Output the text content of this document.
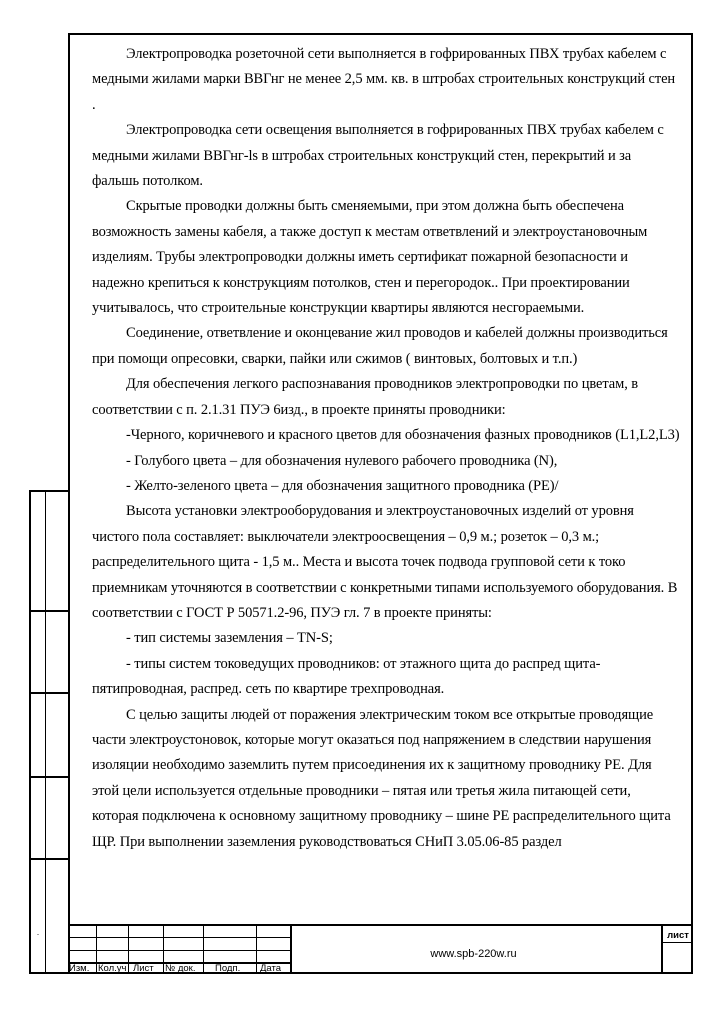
Электропроводка розеточной сети выполняется в гофрированных ПВХ трубах кабелем с медными жилами марки ВВГнг не менее 2,5 мм. кв. в штробах строительных конструкций стен .

Электропроводка сети освещения выполняется в гофрированных ПВХ трубах кабелем с медными жилами ВВГнг-ls в штробах строительных конструкций стен, перекрытий и за фальшь потолком.

Скрытые проводки должны быть сменяемыми, при этом должна быть обеспечена возможность замены кабеля, а также доступ к местам ответвлений и электроустановочным изделиям. Трубы электропроводки должны иметь сертификат пожарной безопасности и надежно крепиться к конструкциям потолков, стен и перегородок.. При проектировании учитывалось, что строительные конструкции квартиры являются несгораемыми.

Соединение, ответвление и оконцевание жил проводов и кабелей должны производиться при помощи опресовки, сварки, пайки или сжимов ( винтовых, болтовых и т.п.)

Для обеспечения легкого распознавания проводников электропроводки по цветам, в соответствии с п. 2.1.31 ПУЭ 6изд., в проекте приняты проводники:

-Черного, коричневого и красного цветов для обозначения фазных проводников (L1,L2,L3)

- Голубого цвета – для обозначения нулевого рабочего проводника (N),

- Желто-зеленого цвета – для обозначения защитного проводника (PE)/

Высота установки электрооборудования и электроустановочных изделий от уровня чистого пола составляет: выключатели электроосвещения – 0,9 м.; розеток – 0,3 м.; распределительного щита - 1,5 м.. Места и высота точек подвода групповой сети к токо приемникам уточняются в соответствии с конкретными типами используемого оборудования. В соответствии с ГОСТ Р 50571.2-96, ПУЭ гл. 7 в проекте приняты:

- тип системы заземления – TN-S;

- типы систем токоведущих проводников: от этажного щита до распред щита-пятипроводная, распред. сеть по квартире трехпроводная.

С целью защиты людей от поражения электрическим током все открытые проводящие части электроустоновок, которые могут оказаться под напряжением в следствии нарушения изоляции необходимо заземлить путем присоединения их к защитному проводнику PE. Для этой цели используется отдельные проводники – пятая или третья жила питающей сети, которая подключена к основному защитному проводнику – шине PE распределительного щита ЩР. При выполнении заземления руководствоваться СНиП 3.05.06-85 раздел

.
Изм. Кол.уч Лист № док. Подп. Дата
www.spb-220w.ru
лист
